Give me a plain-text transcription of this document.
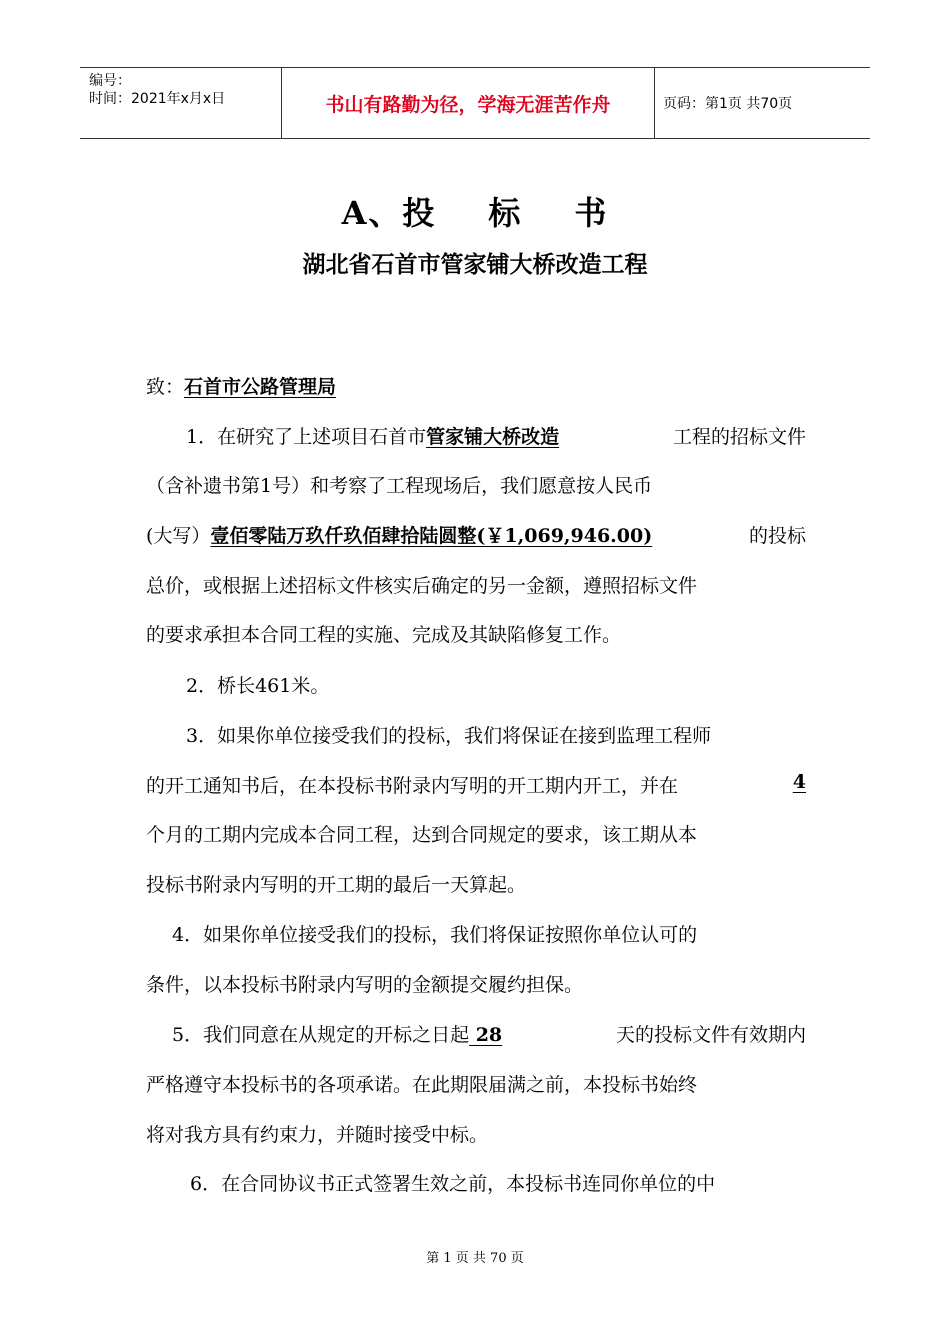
编号：
时间：2021年x月x日	书山有路勤为径，学海无涯苦作舟	页码：第1页 共70页
A、投 标 书
湖北省石首市管家铺大桥改造工程
致：石首市公路管理局
1．在研究了上述项目石首市管家铺大桥改造	工程的招标文件
（含补遗书第1号）和考察了工程现场后，我们愿意按人民币
(大写）壹佰零陆万玖仟玖佰肆拾陆圆整(￥1,069,946.00)	的投标
总价，或根据上述招标文件核实后确定的另一金额，遵照招标文件
的要求承担本合同工程的实施、完成及其缺陷修复工作。
2．桥长461米。
3．如果你单位接受我们的投标，我们将保证在接到监理工程师
的开工通知书后，在本投标书附录内写明的开工期内开工，并在	4
个月的工期内完成本合同工程，达到合同规定的要求，该工期从本
投标书附录内写明的开工期的最后一天算起。
4．如果你单位接受我们的投标，我们将保证按照你单位认可的
条件，以本投标书附录内写明的金额提交履约担保。
5．我们同意在从规定的开标之日起 28	天的投标文件有效期内
严格遵守本投标书的各项承诺。在此期限届满之前，本投标书始终
将对我方具有约束力，并随时接受中标。
6．在合同协议书正式签署生效之前，本投标书连同你单位的中
第 1 页 共 70 页
